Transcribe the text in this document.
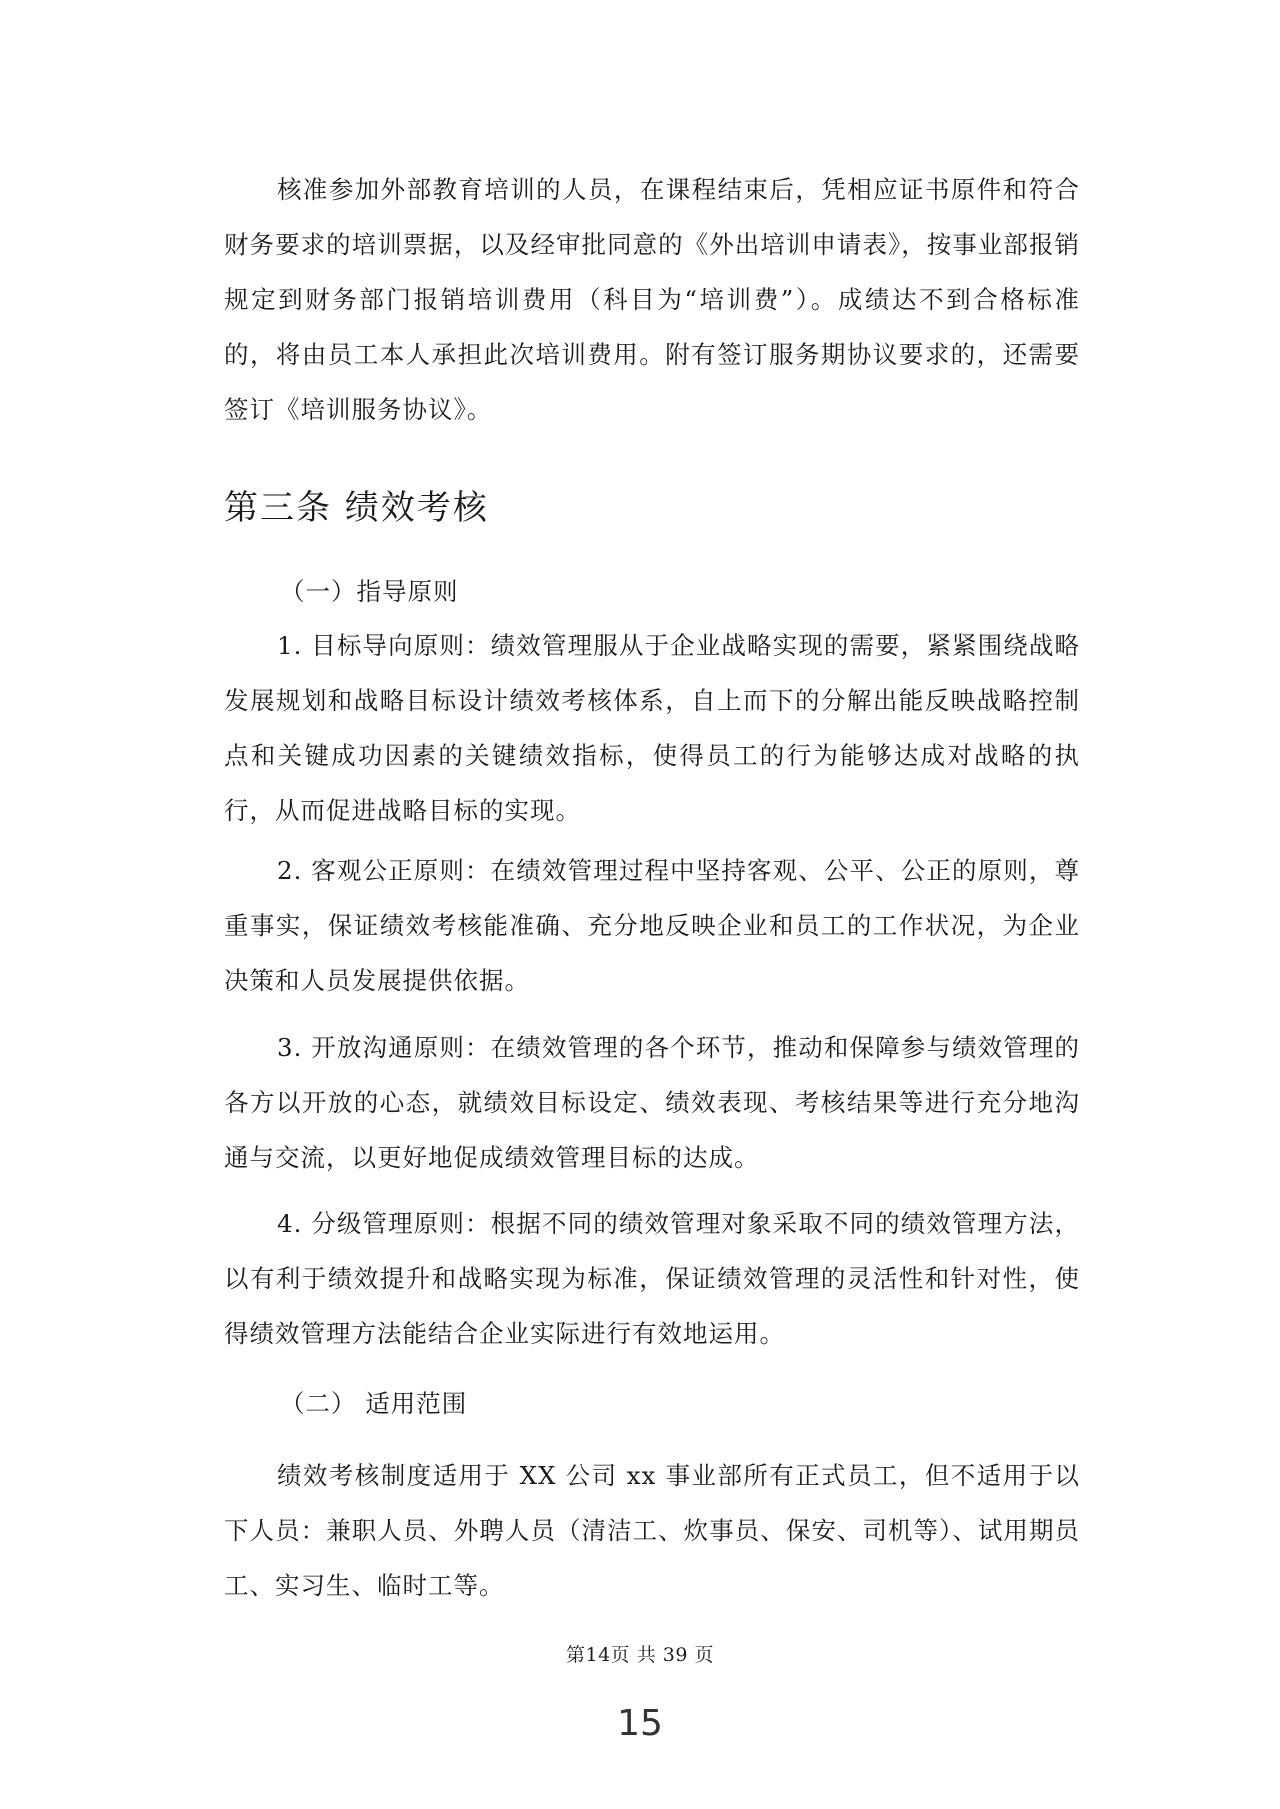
核准参加外部教育培训的人员，在课程结束后，凭相应证书原件和符合财务要求的培训票据，以及经审批同意的《外出培训申请表》，按事业部报销规定到财务部门报销培训费用（科目为“培训费”）。成绩达不到合格标准的，将由员工本人承担此次培训费用。附有签订服务期协议要求的，还需要签订《培训服务协议》。

第三条 绩效考核

（一）指导原则

1. 目标导向原则：绩效管理服从于企业战略实现的需要，紧紧围绕战略发展规划和战略目标设计绩效考核体系，自上而下的分解出能反映战略控制点和关键成功因素的关键绩效指标，使得员工的行为能够达成对战略的执行，从而促进战略目标的实现。

2. 客观公正原则：在绩效管理过程中坚持客观、公平、公正的原则，尊重事实，保证绩效考核能准确、充分地反映企业和员工的工作状况，为企业决策和人员发展提供依据。

3. 开放沟通原则：在绩效管理的各个环节，推动和保障参与绩效管理的各方以开放的心态，就绩效目标设定、绩效表现、考核结果等进行充分地沟通与交流，以更好地促成绩效管理目标的达成。

4. 分级管理原则：根据不同的绩效管理对象采取不同的绩效管理方法，以有利于绩效提升和战略实现为标准，保证绩效管理的灵活性和针对性，使得绩效管理方法能结合企业实际进行有效地运用。

（二） 适用范围

绩效考核制度适用于 XX 公司 xx 事业部所有正式员工，但不适用于以下人员：兼职人员、外聘人员（清洁工、炊事员、保安、司机等）、试用期员工、实习生、临时工等。

第14页 共 39 页
15
